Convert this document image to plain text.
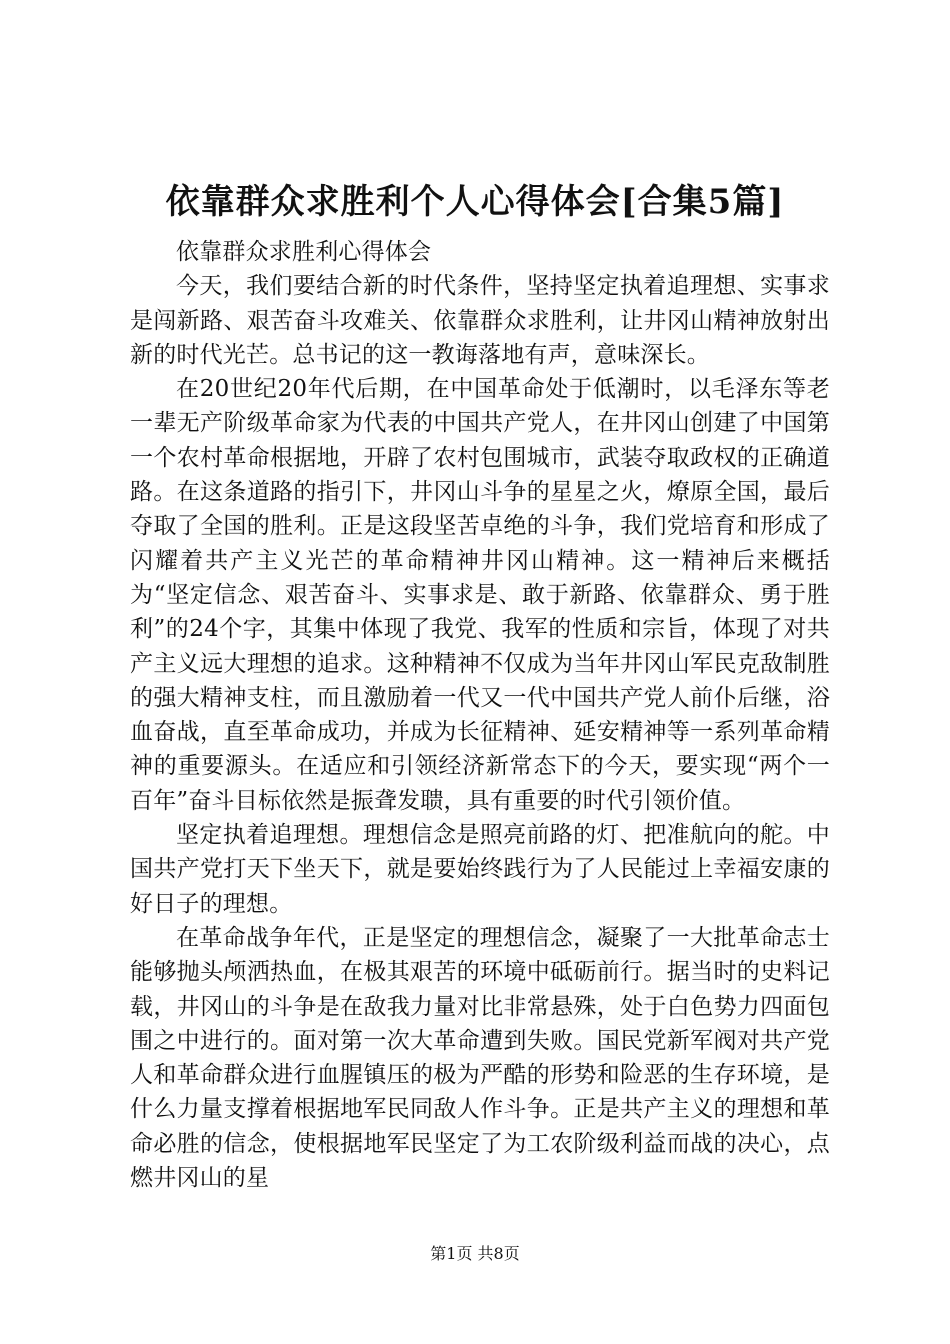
依靠群众求胜利个人心得体会[合集5篇]

依靠群众求胜利心得体会

今天，我们要结合新的时代条件，坚持坚定执着追理想、实事求是闯新路、艰苦奋斗攻难关、依靠群众求胜利，让井冈山精神放射出新的时代光芒。总书记的这一教诲落地有声，意味深长。

在20世纪20年代后期，在中国革命处于低潮时，以毛泽东等老一辈无产阶级革命家为代表的中国共产党人，在井冈山创建了中国第一个农村革命根据地，开辟了农村包围城市，武装夺取政权的正确道路。在这条道路的指引下，井冈山斗争的星星之火，燎原全国，最后夺取了全国的胜利。正是这段坚苦卓绝的斗争，我们党培育和形成了闪耀着共产主义光芒的革命精神井冈山精神。这一精神后来概括为“坚定信念、艰苦奋斗、实事求是、敢于新路、依靠群众、勇于胜利”的24个字，其集中体现了我党、我军的性质和宗旨，体现了对共产主义远大理想的追求。这种精神不仅成为当年井冈山军民克敌制胜的强大精神支柱，而且激励着一代又一代中国共产党人前仆后继，浴血奋战，直至革命成功，并成为长征精神、延安精神等一系列革命精神的重要源头。在适应和引领经济新常态下的今天，要实现“两个一百年”奋斗目标依然是振聋发聩，具有重要的时代引领价值。

坚定执着追理想。理想信念是照亮前路的灯、把准航向的舵。中国共产党打天下坐天下，就是要始终践行为了人民能过上幸福安康的好日子的理想。

在革命战争年代，正是坚定的理想信念，凝聚了一大批革命志士能够抛头颅洒热血，在极其艰苦的环境中砥砺前行。据当时的史料记载，井冈山的斗争是在敌我力量对比非常悬殊，处于白色势力四面包围之中进行的。面对第一次大革命遭到失败。国民党新军阀对共产党人和革命群众进行血腥镇压的极为严酷的形势和险恶的生存环境，是什么力量支撑着根据地军民同敌人作斗争。正是共产主义的理想和革命必胜的信念，使根据地军民坚定了为工农阶级利益而战的决心，点燃井冈山的星

第1页 共8页
